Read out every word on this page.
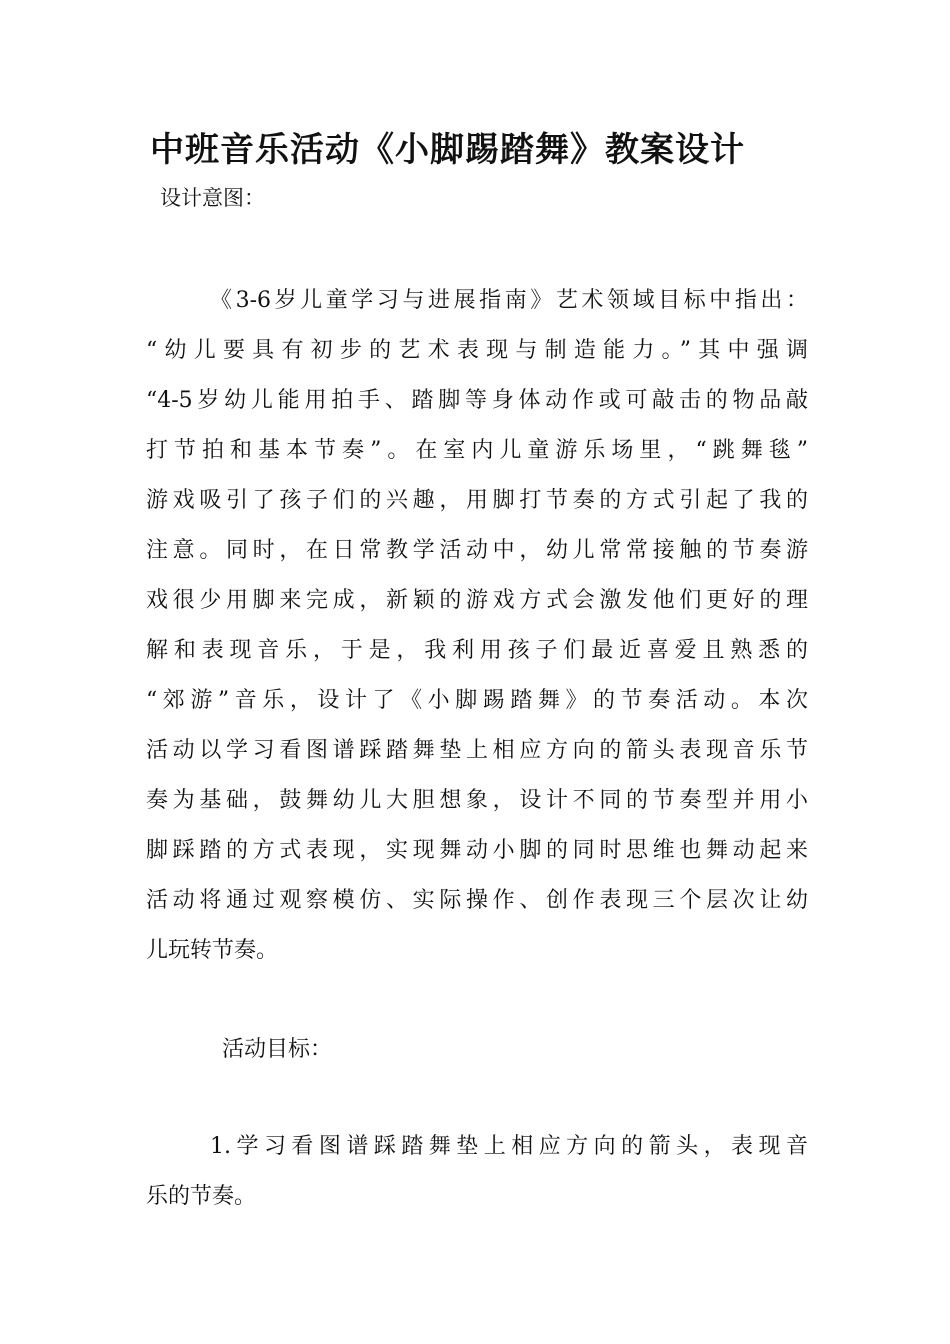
中班音乐活动《小脚踢踏舞》教案设计

设计意图：

《3-6岁儿童学习与进展指南》艺术领域目标中指出：
“幼儿要具有初步的艺术表现与制造能力。”其中强调
“4-5岁幼儿能用拍手、踏脚等身体动作或可敲击的物品敲
打节拍和基本节奏”。在室内儿童游乐场里，“跳舞毯”
游戏吸引了孩子们的兴趣，用脚打节奏的方式引起了我的
注意。同时，在日常教学活动中，幼儿常常接触的节奏游
戏很少用脚来完成，新颖的游戏方式会激发他们更好的理
解和表现音乐，于是，我利用孩子们最近喜爱且熟悉的
“郊游”音乐，设计了《小脚踢踏舞》的节奏活动。本次
活动以学习看图谱踩踏舞垫上相应方向的箭头表现音乐节
奏为基础，鼓舞幼儿大胆想象，设计不同的节奏型并用小
脚踩踏的方式表现，实现舞动小脚的同时思维也舞动起来
活动将通过观察模仿、实际操作、创作表现三个层次让幼
儿玩转节奏。

活动目标：

1.学习看图谱踩踏舞垫上相应方向的箭头，表现音
乐的节奏。
